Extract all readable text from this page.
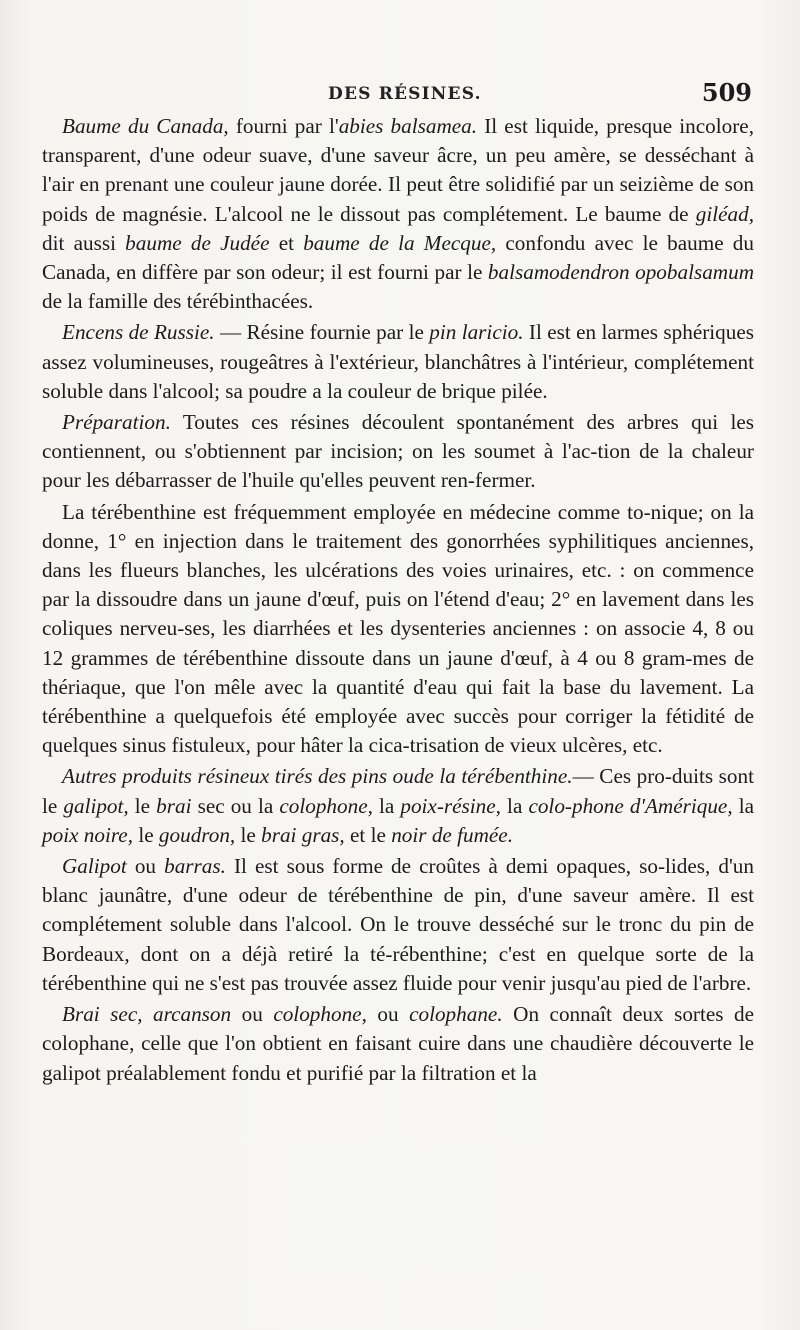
DES RÉSINES.	509

Baume du Canada, fourni par l'abies balsamea. Il est liquide, presque incolore, transparent, d'une odeur suave, d'une saveur âcre, un peu amère, se desséchant à l'air en prenant une couleur jaune dorée. Il peut être solidifié par un seizième de son poids de magnésie. L'alcool ne le dissout pas complétement. Le baume de giléad, dit aussi baume de Judée et baume de la Mecque, confondu avec le baume du Canada, en diffère par son odeur; il est fourni par le balsamodendron opobalsamum de la famille des térébinthacées.

Encens de Russie. — Résine fournie par le pin laricio. Il est en larmes sphériques assez volumineuses, rougeâtres à l'extérieur, blanchâtres à l'intérieur, complétement soluble dans l'alcool; sa poudre a la couleur de brique pilée.

Préparation. Toutes ces résines découlent spontanément des arbres qui les contiennent, ou s'obtiennent par incision; on les soumet à l'ac-tion de la chaleur pour les débarrasser de l'huile qu'elles peuvent ren-fermer.

La térébenthine est fréquemment employée en médecine comme to-nique; on la donne, 1° en injection dans le traitement des gonorrhées syphilitiques anciennes, dans les flueurs blanches, les ulcérations des voies urinaires, etc. : on commence par la dissoudre dans un jaune d'œuf, puis on l'étend d'eau; 2° en lavement dans les coliques nerveu-ses, les diarrhées et les dysenteries anciennes : on associe 4, 8 ou 12 grammes de térébenthine dissoute dans un jaune d'œuf, à 4 ou 8 gram-mes de thériaque, que l'on mêle avec la quantité d'eau qui fait la base du lavement. La térébenthine a quelquefois été employée avec succès pour corriger la fétidité de quelques sinus fistuleux, pour hâter la cica-trisation de vieux ulcères, etc.

Autres produits résineux tirés des pins oude la térébenthine.— Ces pro-duits sont le galipot, le brai sec ou la colophone, la poix-résine, la colo-phone d'Amérique, la poix noire, le goudron, le brai gras, et le noir de fumée.

Galipot ou barras. Il est sous forme de croûtes à demi opaques, so-lides, d'un blanc jaunâtre, d'une odeur de térébenthine de pin, d'une saveur amère. Il est complétement soluble dans l'alcool. On le trouve desséché sur le tronc du pin de Bordeaux, dont on a déjà retiré la té-rébenthine; c'est en quelque sorte de la térébenthine qui ne s'est pas trouvée assez fluide pour venir jusqu'au pied de l'arbre.

Brai sec, arcanson ou colophone, ou colophane. On connaît deux sortes de colophane, celle que l'on obtient en faisant cuire dans une chaudière découverte le galipot préalablement fondu et purifié par la filtration et la
